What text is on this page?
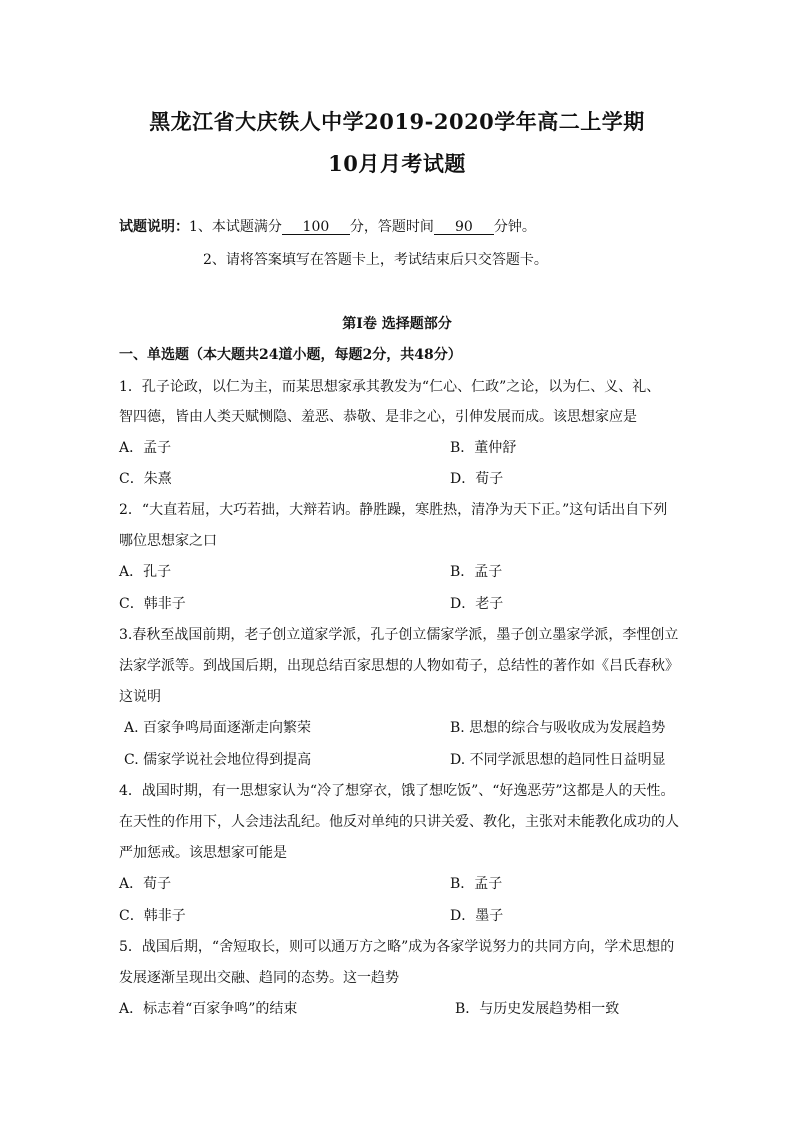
黑龙江省大庆铁人中学2019-2020学年高二上学期
10月月考试题
试题说明：1、本试题满分 100 分，答题时间 90 分钟。
2、请将答案填写在答题卡上，考试结束后只交答题卡。
第Ⅰ卷 选择题部分
一、单选题（本大题共24道小题，每题2分，共48分）
1．孔子论政，以仁为主，而某思想家承其教发为“仁心、仁政”之论，以为仁、义、礼、
智四德，皆由人类天赋恻隐、羞恶、恭敬、是非之心，引伸发展而成。该思想家应是
A．孟子	B．董仲舒
C．朱熹	D．荀子
2．“大直若屈，大巧若拙，大辩若讷。静胜躁，寒胜热，清净为天下正。”这句话出自下列
哪位思想家之口
A．孔子	B．孟子
C．韩非子	D．老子
3.春秋至战国前期，老子创立道家学派，孔子创立儒家学派，墨子创立墨家学派，李悝创立
法家学派等。到战国后期，出现总结百家思想的人物如荀子，总结性的著作如《吕氏春秋》
这说明
A. 百家争鸣局面逐渐走向繁荣	B. 思想的综合与吸收成为发展趋势
C. 儒家学说社会地位得到提高	D. 不同学派思想的趋同性日益明显
4．战国时期，有一思想家认为“冷了想穿衣，饿了想吃饭”、“好逸恶劳”这都是人的天性。
在天性的作用下，人会违法乱纪。他反对单纯的只讲关爱、教化，主张对未能教化成功的人
严加惩戒。该思想家可能是
A．荀子	B．孟子
C．韩非子	D．墨子
5．战国后期，“舍短取长，则可以通万方之略”成为各家学说努力的共同方向，学术思想的
发展逐渐呈现出交融、趋同的态势。这一趋势
A．标志着“百家争鸣”的结束	B．与历史发展趋势相一致
